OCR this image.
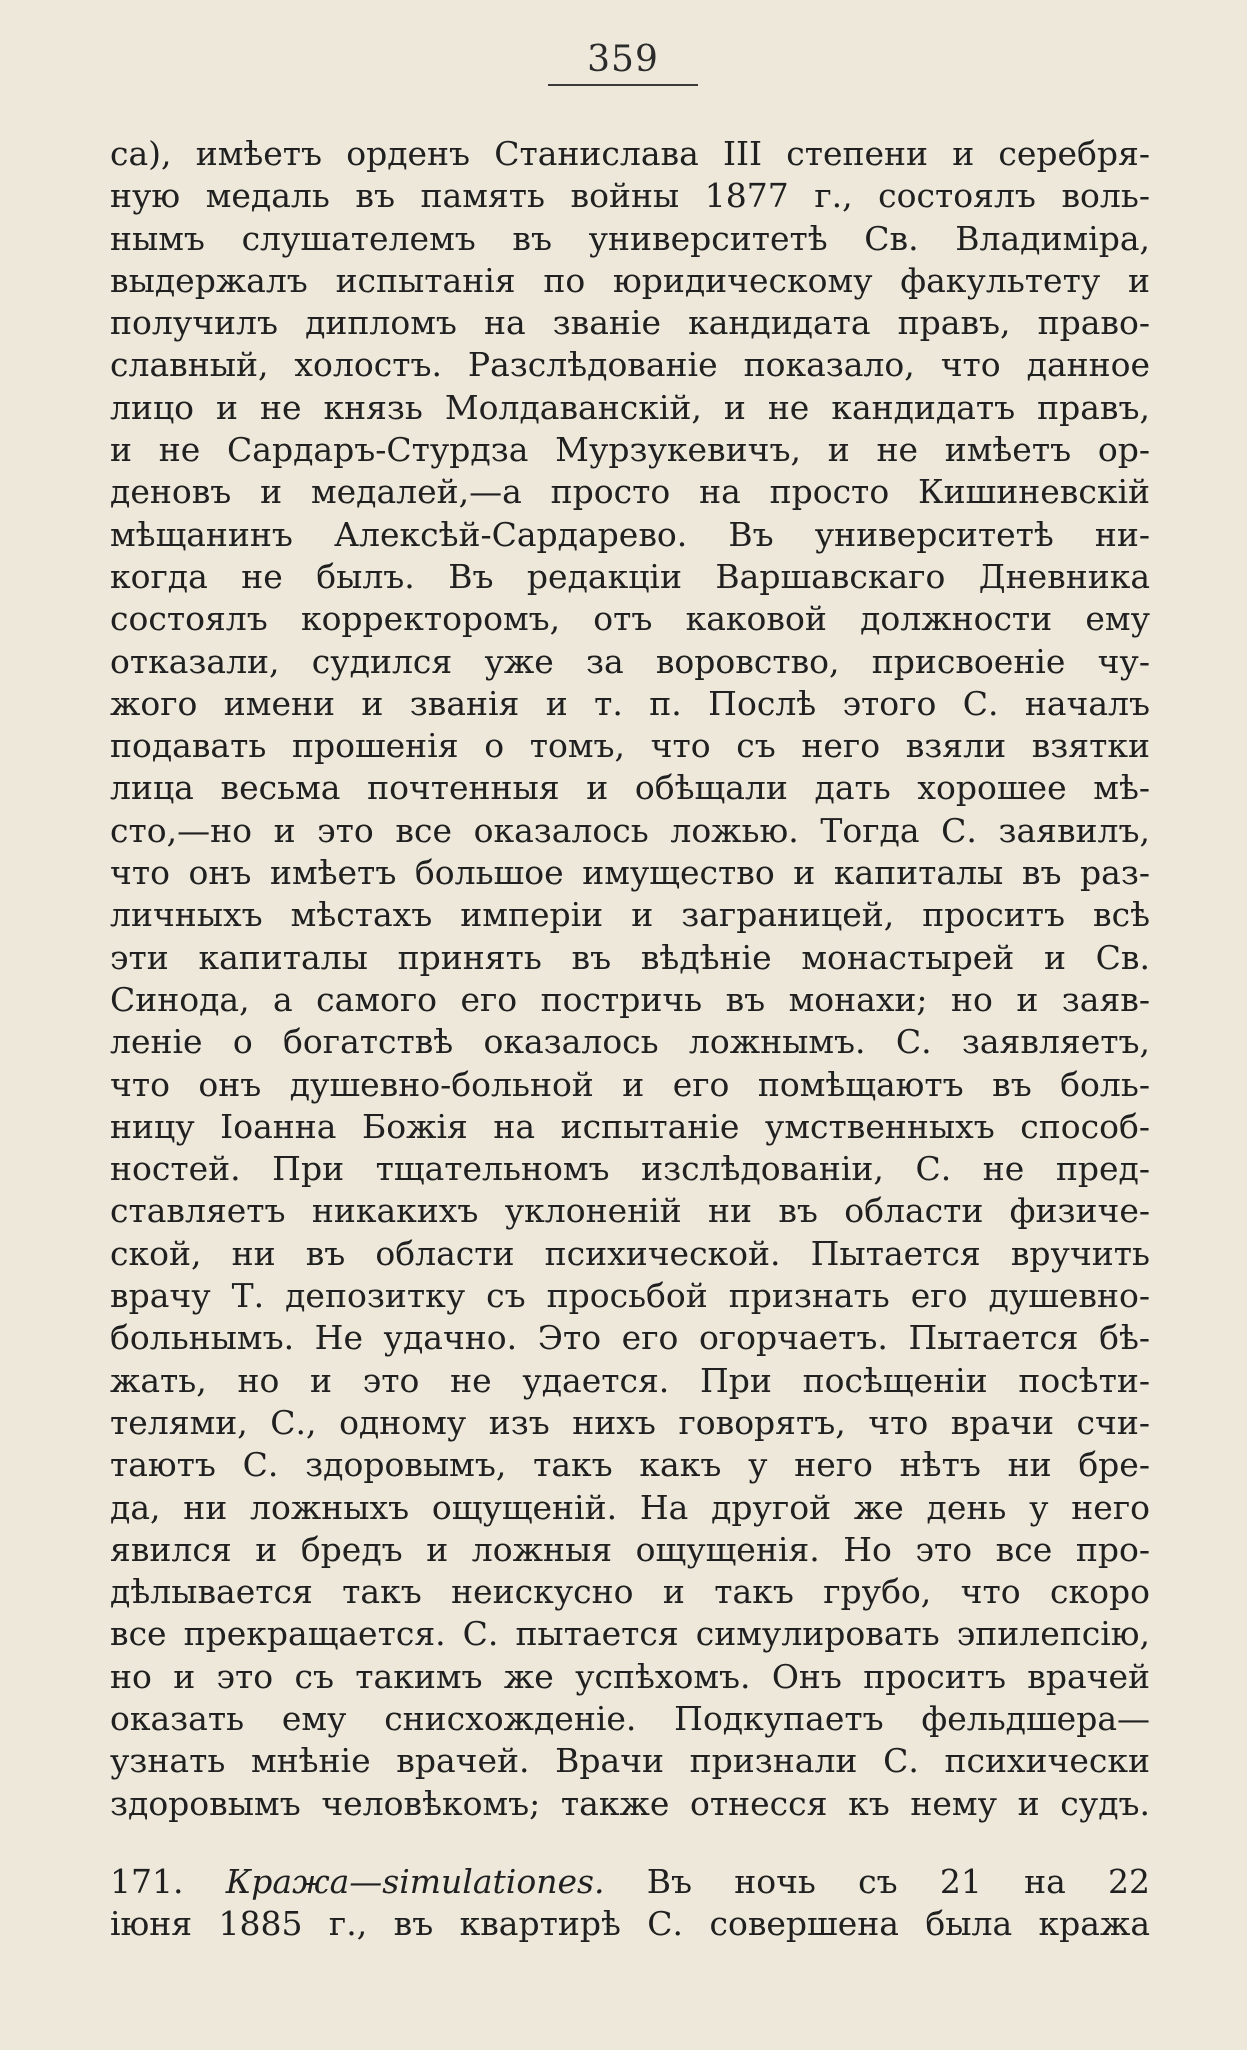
359
са), имѣетъ орденъ Станислава III степени и серебря-
ную медаль въ память войны 1877 г., состоялъ воль-
нымъ слушателемъ въ университетѣ Св. Владиміра,
выдержалъ испытанія по юридическому факультету и
получилъ дипломъ на званіе кандидата правъ, право-
славный, холостъ. Разслѣдованіе показало, что данное
лицо и не князь Молдаванскій, и не кандидатъ правъ,
и не Сардаръ-Стурдза Мурзукевичъ, и не имѣетъ ор-
деновъ и медалей,—а просто на просто Кишиневскій
мѣщанинъ Алексѣй-Сардарево. Въ университетѣ ни-
когда не былъ. Въ редакціи Варшавскаго Дневника
состоялъ корректоромъ, отъ каковой должности ему
отказали, судился уже за воровство, присвоеніе чу-
жого имени и званія и т. п. Послѣ этого С. началъ
подавать прошенія о томъ, что съ него взяли взятки
лица весьма почтенныя и обѣщали дать хорошее мѣ-
сто,—но и это все оказалось ложью. Тогда С. заявилъ,
что онъ имѣетъ большое имущество и капиталы въ раз-
личныхъ мѣстахъ имперіи и заграницей, проситъ всѣ
эти капиталы принять въ вѣдѣніе монастырей и Св.
Синода, а самого его постричь въ монахи; но и заяв-
леніе о богатствѣ оказалось ложнымъ. С. заявляетъ,
что онъ душевно-больной и его помѣщаютъ въ боль-
ницу Іоанна Божія на испытаніе умственныхъ способ-
ностей. При тщательномъ изслѣдованіи, С. не пред-
ставляетъ никакихъ уклоненій ни въ области физиче-
ской, ни въ области психической. Пытается вручить
врачу Т. депозитку съ просьбой признать его душевно-
больнымъ. Не удачно. Это его огорчаетъ. Пытается бѣ-
жать, но и это не удается. При посѣщеніи посѣти-
телями, С., одному изъ нихъ говорятъ, что врачи счи-
таютъ С. здоровымъ, такъ какъ у него нѣтъ ни бре-
да, ни ложныхъ ощущеній. На другой же день у него
явился и бредъ и ложныя ощущенія. Но это все про-
дѣлывается такъ неискусно и такъ грубо, что скоро
все прекращается. С. пытается симулировать эпилепсію,
но и это съ такимъ же успѣхомъ. Онъ проситъ врачей
оказать ему снисхожденіе. Подкупаетъ фельдшера—
узнать мнѣніе врачей. Врачи признали С. психически
здоровымъ человѣкомъ; также отнесся къ нему и судъ.
171. Кража—simulationes. Въ ночь съ 21 на 22
іюня 1885 г., въ квартирѣ С. совершена была кража
